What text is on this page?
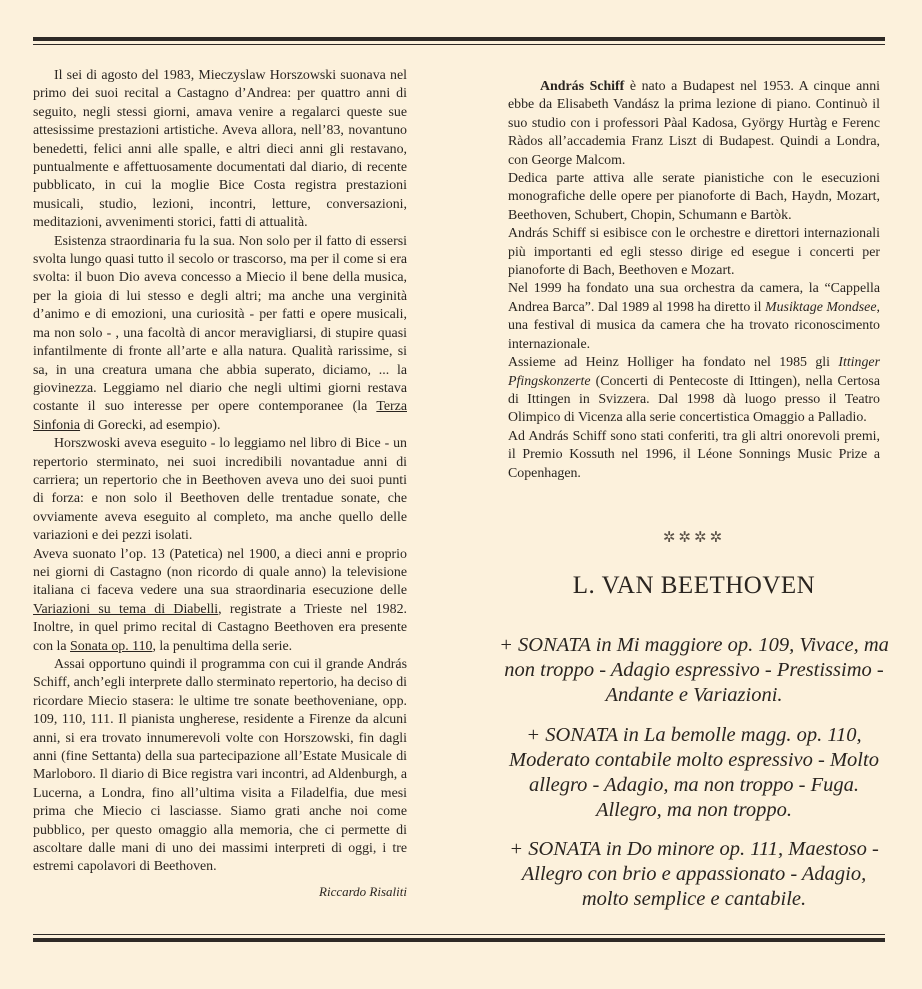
Il sei di agosto del 1983, Mieczyslaw Horszowski suonava nel primo dei suoi recital a Castagno d’Andrea: per quattro anni di seguito, negli stessi giorni, amava venire a regalarci queste sue attesissime prestazioni artistiche. Aveva allora, nell’83, novantuno benedetti, felici anni alle spalle, e altri dieci anni gli restavano, puntualmente e affettuosamente documentati dal diario, di recente pubblicato, in cui la moglie Bice Costa registra prestazioni musicali, studio, lezioni, incontri, letture, conversazioni, meditazioni, avvenimenti storici, fatti di attualità.

Esistenza straordinaria fu la sua. Non solo per il fatto di essersi svolta lungo quasi tutto il secolo or trascorso, ma per il come si era svolta: il buon Dio aveva concesso a Miecio il bene della musica, per la gioia di lui stesso e degli altri; ma anche una verginità d’animo e di emozioni, una curiosità - per fatti e opere musicali, ma non solo - , una facoltà di ancor meravigliarsi, di stupire quasi infantilmente di fronte all’arte e alla natura. Qualità rarissime, si sa, in una creatura umana che abbia superato, diciamo, ... la giovinezza. Leggiamo nel diario che negli ultimi giorni restava costante il suo interesse per opere contemporanee (la Terza Sinfonia di Gorecki, ad esempio).

Horszwoski aveva eseguito - lo leggiamo nel libro di Bice - un repertorio sterminato, nei suoi incredibili novantadue anni di carriera; un repertorio che in Beethoven aveva uno dei suoi punti di forza: e non solo il Beethoven delle trentadue sonate, che ovviamente aveva eseguito al completo, ma anche quello delle variazioni e dei pezzi isolati.

Aveva suonato l’op. 13 (Patetica) nel 1900, a dieci anni e proprio nei giorni di Castagno (non ricordo di quale anno) la televisione italiana ci faceva vedere una sua straordinaria esecuzione delle Variazioni su tema di Diabelli, registrate a Trieste nel 1982. Inoltre, in quel primo recital di Castagno Beethoven era presente con la Sonata op. 110, la penultima della serie.

Assai opportuno quindi il programma con cui il grande András Schiff, anch’egli interprete dallo sterminato repertorio, ha deciso di ricordare Miecio stasera: le ultime tre sonate beethoveniane, opp. 109, 110, 111. Il pianista ungherese, residente a Firenze da alcuni anni, si era trovato innumerevoli volte con Horszowski, fin dagli anni (fine Settanta) della sua partecipazione all’Estate Musicale di Marloboro. Il diario di Bice registra vari incontri, ad Aldenburgh, a Lucerna, a Londra, fino all’ultima visita a Filadelfia, due mesi prima che Miecio ci lasciasse. Siamo grati anche noi come pubblico, per questo omaggio alla memoria, che ci permette di ascoltare dalle mani di uno dei massimi interpreti di oggi, i tre estremi capolavori di Beethoven.

Riccardo Risaliti

András Schiff è nato a Budapest nel 1953. A cinque anni ebbe da Elisabeth Vandász la prima lezione di piano. Continuò il suo studio con i professori Pàal Kadosa, György Hurtàg e Ferenc Ràdos all’accademia Franz Liszt di Budapest. Quindi a Londra, con George Malcom.

Dedica parte attiva alle serate pianistiche con le esecuzioni monografiche delle opere per pianoforte di Bach, Haydn, Mozart, Beethoven, Schubert, Chopin, Schumann e Bartòk.

András Schiff si esibisce con le orchestre e direttori internazionali più importanti ed egli stesso dirige ed esegue i concerti per pianoforte di Bach, Beethoven e Mozart.

Nel 1999 ha fondato una sua orchestra da camera, la “Cappella Andrea Barca”. Dal 1989 al 1998 ha diretto il Musiktage Mondsee, una festival di musica da camera che ha trovato riconoscimento internazionale.

Assieme ad Heinz Holliger ha fondato nel 1985 gli Ittinger Pfingskonzerte (Concerti di Pentecoste di Ittingen), nella Certosa di Ittingen in Svizzera. Dal 1998 dà luogo presso il Teatro Olimpico di Vicenza alla serie concertistica Omaggio a Palladio.

Ad András Schiff sono stati conferiti, tra gli altri onorevoli premi, il Premio Kossuth nel 1996, il Léone Sonnings Music Prize a Copenhagen.

✲✲✲✲
L. VAN BEETHOVEN
+ SONATA in Mi maggiore op. 109, Vivace, ma non troppo - Adagio espressivo - Prestissimo - Andante e Variazioni.
+ SONATA in La bemolle magg. op. 110, Moderato contabile molto espressivo - Molto allegro - Adagio, ma non troppo - Fuga. Allegro, ma non troppo.
+ SONATA in Do minore op. 111, Maestoso - Allegro con brio e appassionato - Adagio, molto semplice e cantabile.
